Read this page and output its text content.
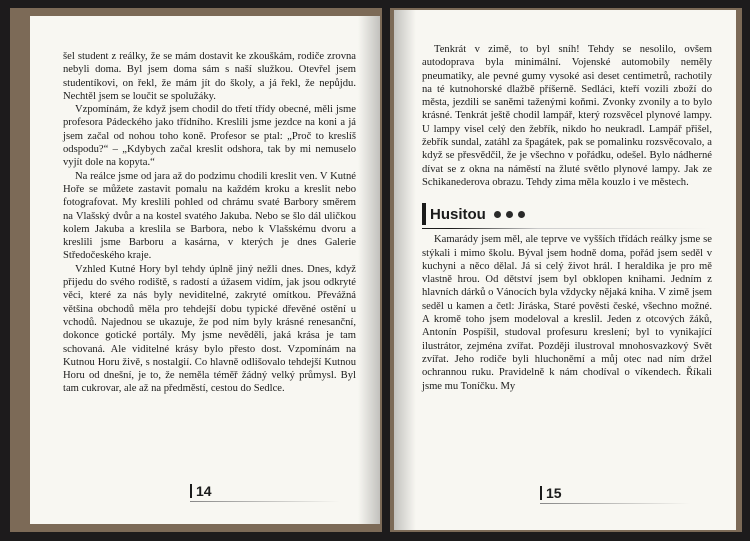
šel student z reálky, že se mám dostavit ke zkouškám, rodiče zrovna nebyli doma. Byl jsem doma sám s naší služkou. Otevřel jsem studentíkovi, on řekl, že mám jít do školy, a já řekl, že nepůjdu. Nechtěl jsem se loučit se spolužáky.

Vzpomínám, že když jsem chodil do třetí třídy obecné, měli jsme profesora Pádeckého jako třídního. Kreslili jsme jezdce na koni a já jsem začal od nohou toho koně. Profesor se ptal: „Proč to kreslíš odspodu?“ – „Kdybych začal kreslit odshora, tak by mi nemuselo vyjít dole na kopyta.“

Na reálce jsme od jara až do podzimu chodili kreslit ven. V Kutné Hoře se můžete zastavit pomalu na každém kroku a kreslit nebo fotografovat. My kreslili pohled od chrámu svaté Barbory směrem na Vlašský dvůr a na kostel svatého Jakuba. Nebo se šlo dál uličkou kolem Jakuba a kreslila se Barbora, nebo k Vlašskému dvoru a kreslili jsme Barboru a kasárna, v kterých je dnes Galerie Středočeského kraje.

Vzhled Kutné Hory byl tehdy úplně jiný nežli dnes. Dnes, když přijedu do svého rodiště, s radostí a úžasem vidím, jak jsou odkryté věci, které za nás byly neviditelné, zakryté omítkou. Převážná většina obchodů měla pro tehdejší dobu typické dřevěné ostění u vchodů. Najednou se ukazuje, že pod ním byly krásné renesanční, dokonce gotické portály. My jsme nevěděli, jaká krása je tam schovaná. Ale viditelné krásy bylo přesto dost. Vzpomínám na Kutnou Horu živě, s nostalgií. Co hlavně odlišovalo tehdejší Kutnou Horu od dnešní, je to, že neměla téměř žádný velký průmysl. Byl tam cukrovar, ale až na předměstí, cestou do Sedlce.

14

Tenkrát v zimě, to byl sníh! Tehdy se nesolilo, ovšem autodoprava byla minimální. Vojenské automobily neměly pneumatiky, ale pevné gumy vysoké asi deset centimetrů, rachotily na té kutnohorské dlažbě příšerně. Sedláci, kteří vozili zboží do města, jezdili se saněmi taženými koňmi. Zvonky zvonily a to bylo krásné. Tenkrát ještě chodil lampář, který rozsvěcel plynové lampy. U lampy visel celý den žebřík, nikdo ho neukradl. Lampář přišel, žebřík sundal, zatáhl za špagátek, pak se pomalinku rozsvěcovalo, a když se přesvědčil, že je všechno v pořádku, odešel. Bylo nádherné dívat se z okna na náměstí na žluté světlo plynové lampy. Jak ze Schikanederova obrazu. Tehdy zima měla kouzlo i ve městech.

Husitou

Kamarády jsem měl, ale teprve ve vyšších třídách reálky jsme se stýkali i mimo školu. Býval jsem hodně doma, pořád jsem seděl v kuchyni a něco dělal. Já si celý život hrál. I heraldika je pro mě vlastně hrou. Od dětství jsem byl obklopen knihami. Jedním z hlavních dárků o Vánocích byla vždycky nějaká kniha. V zimě jsem seděl u kamen a četl: Jiráska, Staré pověsti české, všechno možné. A kromě toho jsem modeloval a kreslil. Jeden z otcových žáků, Antonín Pospíšil, studoval profesuru kreslení; byl to vynikající ilustrátor, zejména zvířat. Později ilustroval mnohosvazkový Svět zvířat. Jeho rodiče byli hluchoněmí a můj otec nad ním držel ochrannou ruku. Pravidelně k nám chodíval o víkendech. Říkali jsme mu Toníčku. My

15
